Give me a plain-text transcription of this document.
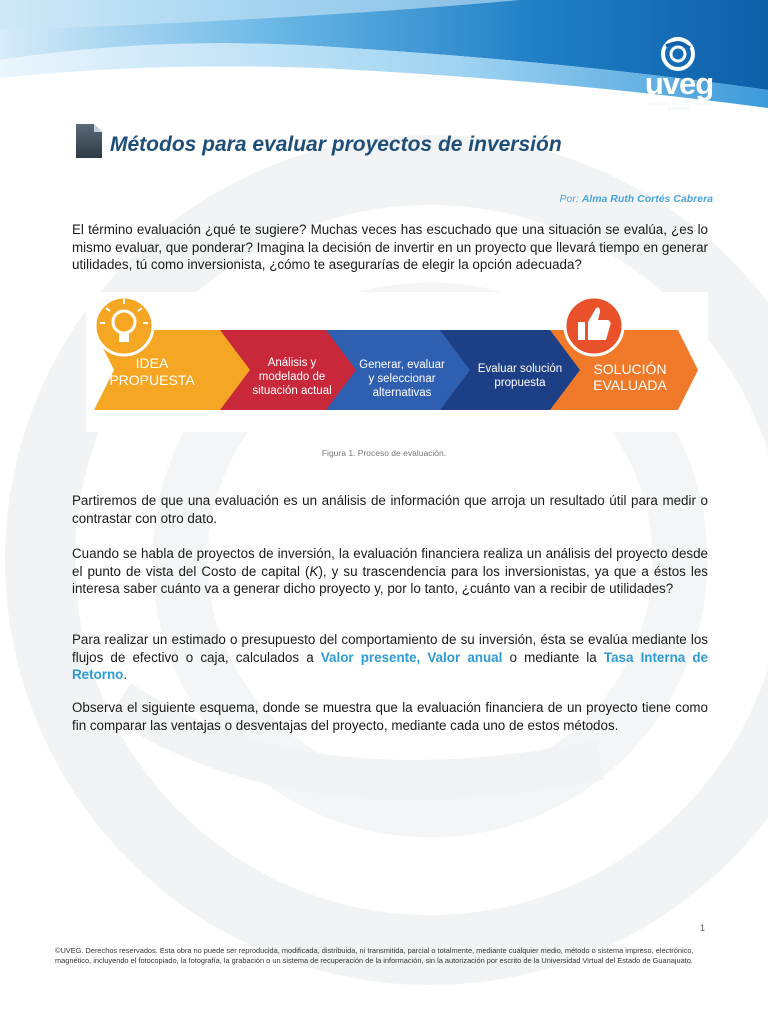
uveg
universidad virtual del estado de guanajuato
Métodos para evaluar proyectos de inversión
Por: Alma Ruth Cortés Cabrera

El término evaluación ¿qué te sugiere? Muchas veces has escuchado que una situación se evalúa, ¿es lo mismo evaluar, que ponderar? Imagina la decisión de invertir en un proyecto que llevará tiempo en generar utilidades, tú como inversionista, ¿cómo te asegurarías de elegir la opción adecuada?

IDEA
PROPUESTA
Análisis y
modelado de
situación actual
Generar, evaluar
y seleccionar
alternativas
Evaluar solución
propuesta
SOLUCIÓN
EVALUADA
Figura 1. Proceso de evaluación.

Partiremos de que una evaluación es un análisis de información que arroja un resultado útil para medir o contrastar con otro dato.

Cuando se habla de proyectos de inversión, la evaluación financiera realiza un análisis del proyecto desde el punto de vista del Costo de capital (K), y su trascendencia para los inversionistas, ya que a éstos les interesa saber cuánto va a generar dicho proyecto y, por lo tanto, ¿cuánto van a recibir de utilidades?

Para realizar un estimado o presupuesto del comportamiento de su inversión, ésta se evalúa mediante los flujos de efectivo o caja, calculados a Valor presente, Valor anual o mediante la Tasa Interna de Retorno.

Observa el siguiente esquema, donde se muestra que la evaluación financiera de un proyecto tiene como fin comparar las ventajas o desventajas del proyecto, mediante cada uno de estos métodos.

1
©UVEG. Derechos reservados. Esta obra no puede ser reproducida, modificada, distribuida, ni transmitida, parcial o totalmente, mediante cualquier medio, método o sistema impreso, electrónico, magnético, incluyendo el fotocopiado, la fotografía, la grabación o un sistema de recuperación de la información, sin la autorización por escrito de la Universidad Virtual del Estado de Guanajuato.
